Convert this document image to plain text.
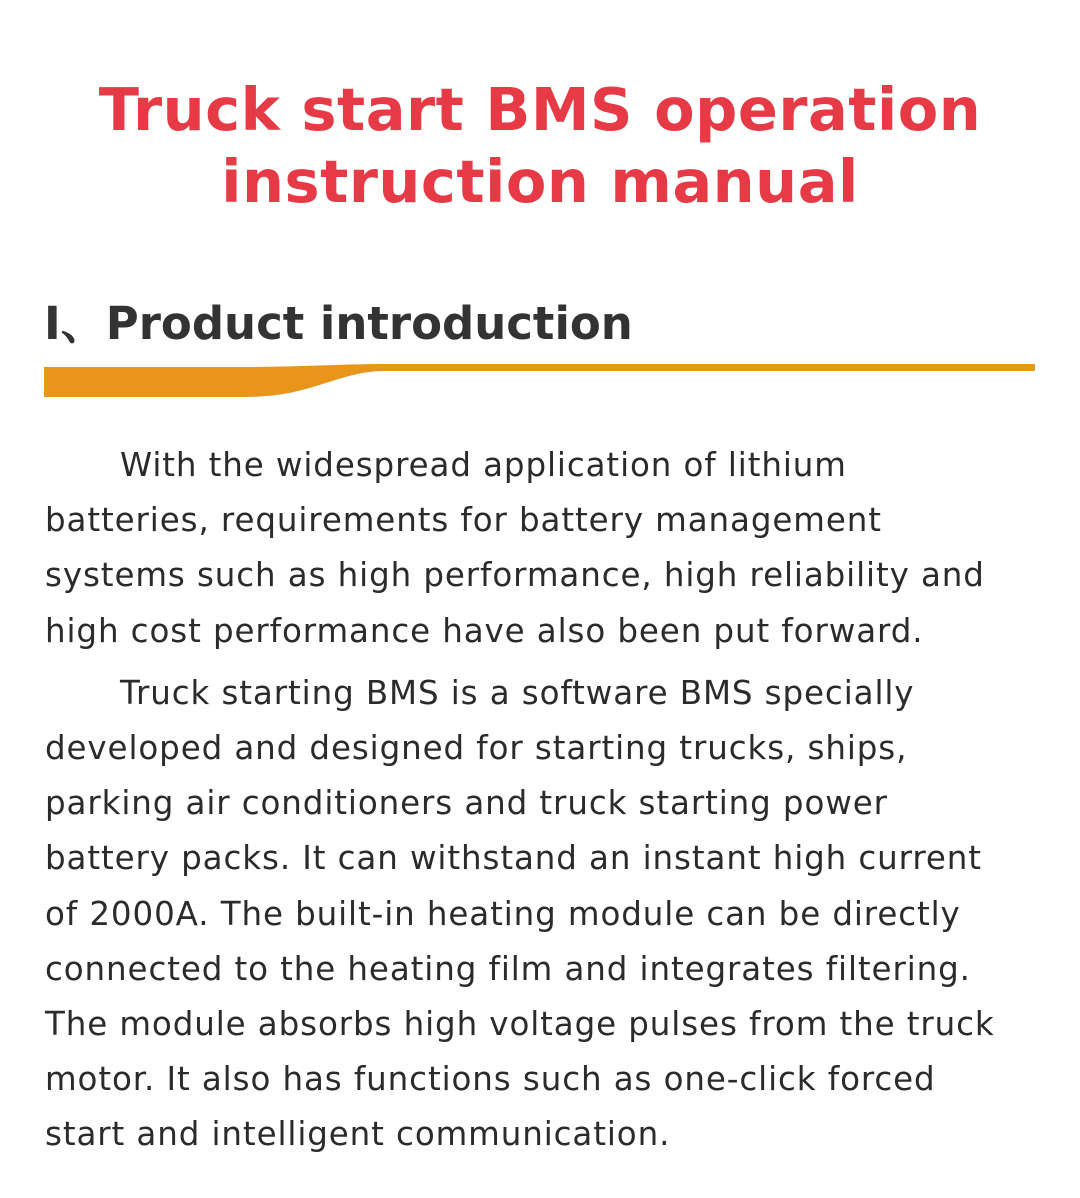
Truck start BMS operation
instruction manual
I、Product introduction

With the widespread application of lithium
batteries, requirements for battery management
systems such as high performance, high reliability and
high cost performance have also been put forward.

Truck starting BMS is a software BMS specially
developed and designed for starting trucks, ships,
parking air conditioners and truck starting power
battery packs. It can withstand an instant high current
of 2000A. The built-in heating module can be directly
connected to the heating film and integrates filtering.
The module absorbs high voltage pulses from the truck
motor. It also has functions such as one-click forced
start and intelligent communication.
